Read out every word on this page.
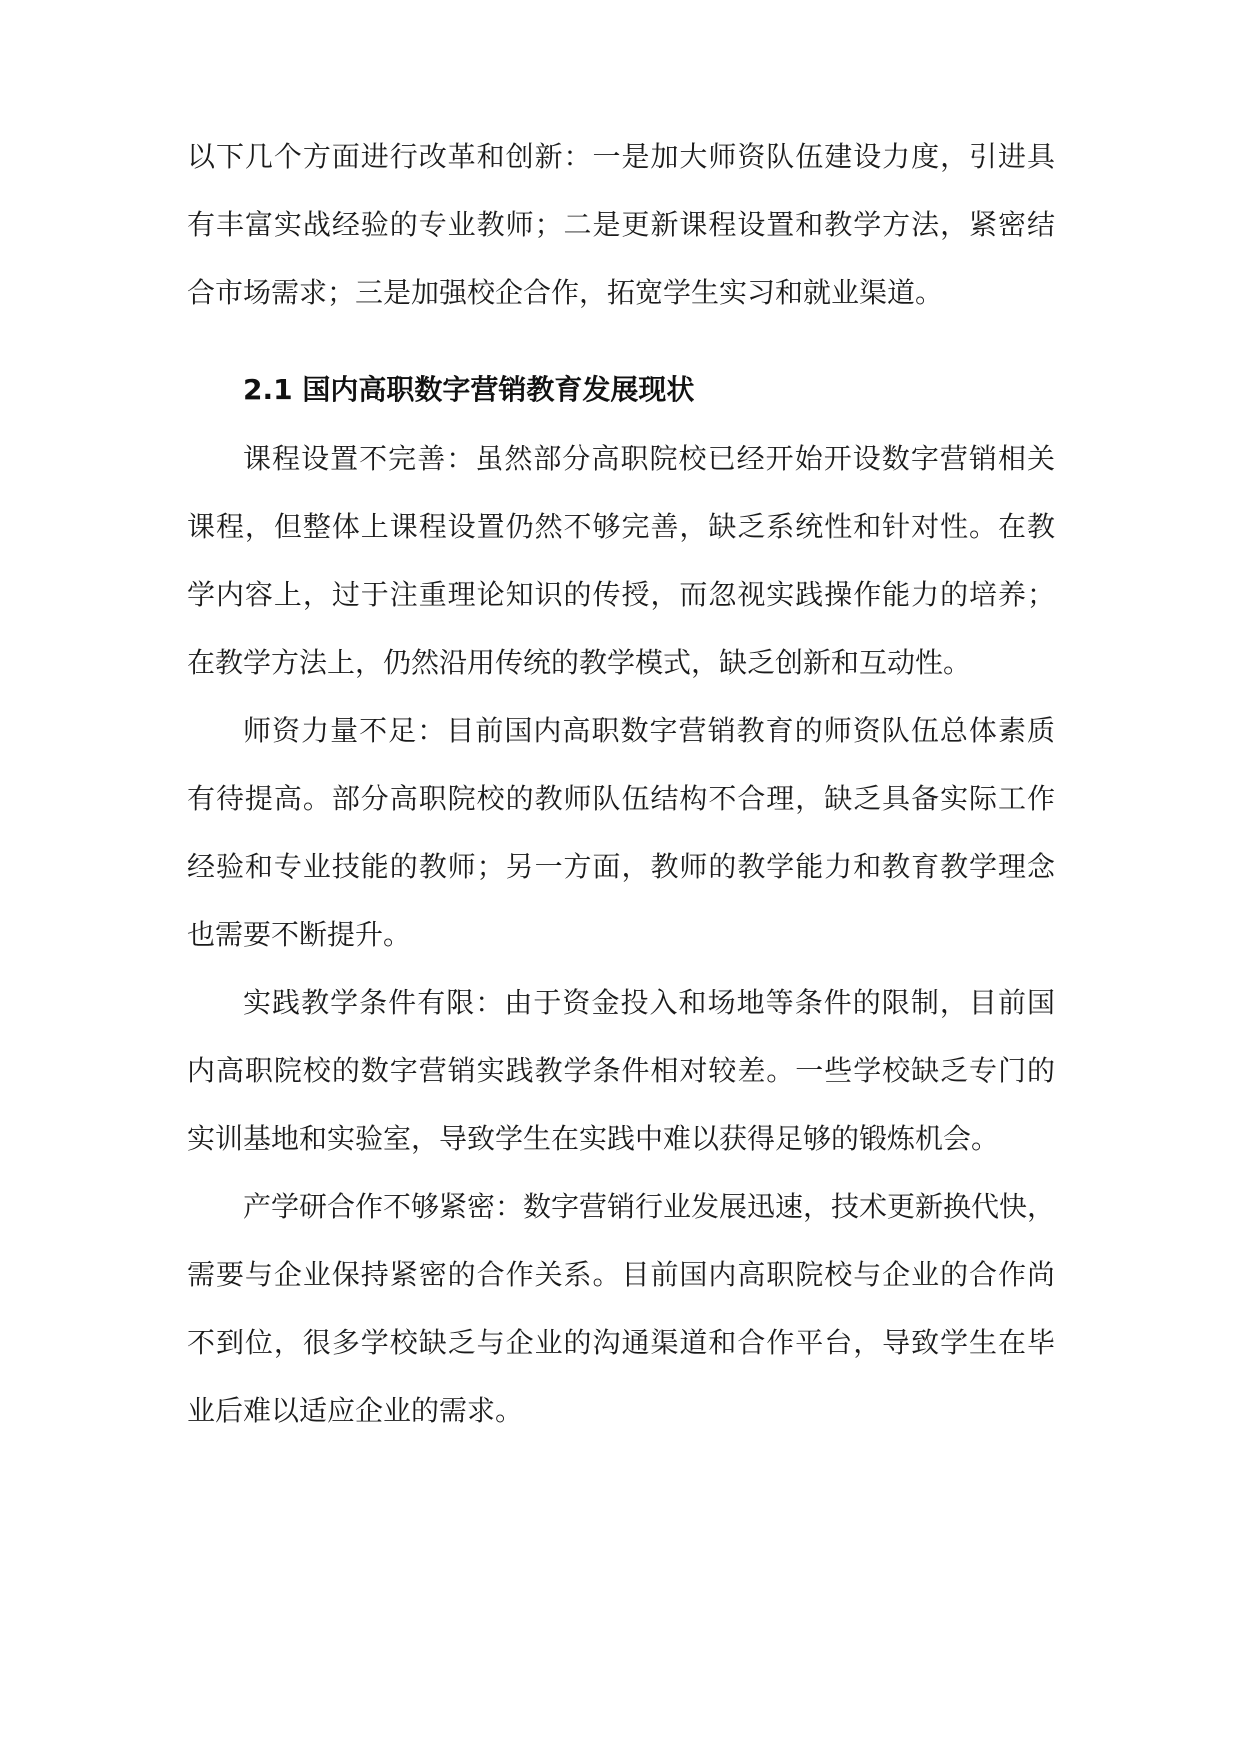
以下几个方面进行改革和创新：一是加大师资队伍建设力度，引进具
有丰富实战经验的专业教师；二是更新课程设置和教学方法，紧密结
合市场需求；三是加强校企合作，拓宽学生实习和就业渠道。
2.1 国内高职数字营销教育发展现状
课程设置不完善：虽然部分高职院校已经开始开设数字营销相关
课程，但整体上课程设置仍然不够完善，缺乏系统性和针对性。在教
学内容上，过于注重理论知识的传授，而忽视实践操作能力的培养；
在教学方法上，仍然沿用传统的教学模式，缺乏创新和互动性。
师资力量不足：目前国内高职数字营销教育的师资队伍总体素质
有待提高。部分高职院校的教师队伍结构不合理，缺乏具备实际工作
经验和专业技能的教师；另一方面，教师的教学能力和教育教学理念
也需要不断提升。
实践教学条件有限：由于资金投入和场地等条件的限制，目前国
内高职院校的数字营销实践教学条件相对较差。一些学校缺乏专门的
实训基地和实验室，导致学生在实践中难以获得足够的锻炼机会。
产学研合作不够紧密：数字营销行业发展迅速，技术更新换代快，
需要与企业保持紧密的合作关系。目前国内高职院校与企业的合作尚
不到位，很多学校缺乏与企业的沟通渠道和合作平台，导致学生在毕
业后难以适应企业的需求。
